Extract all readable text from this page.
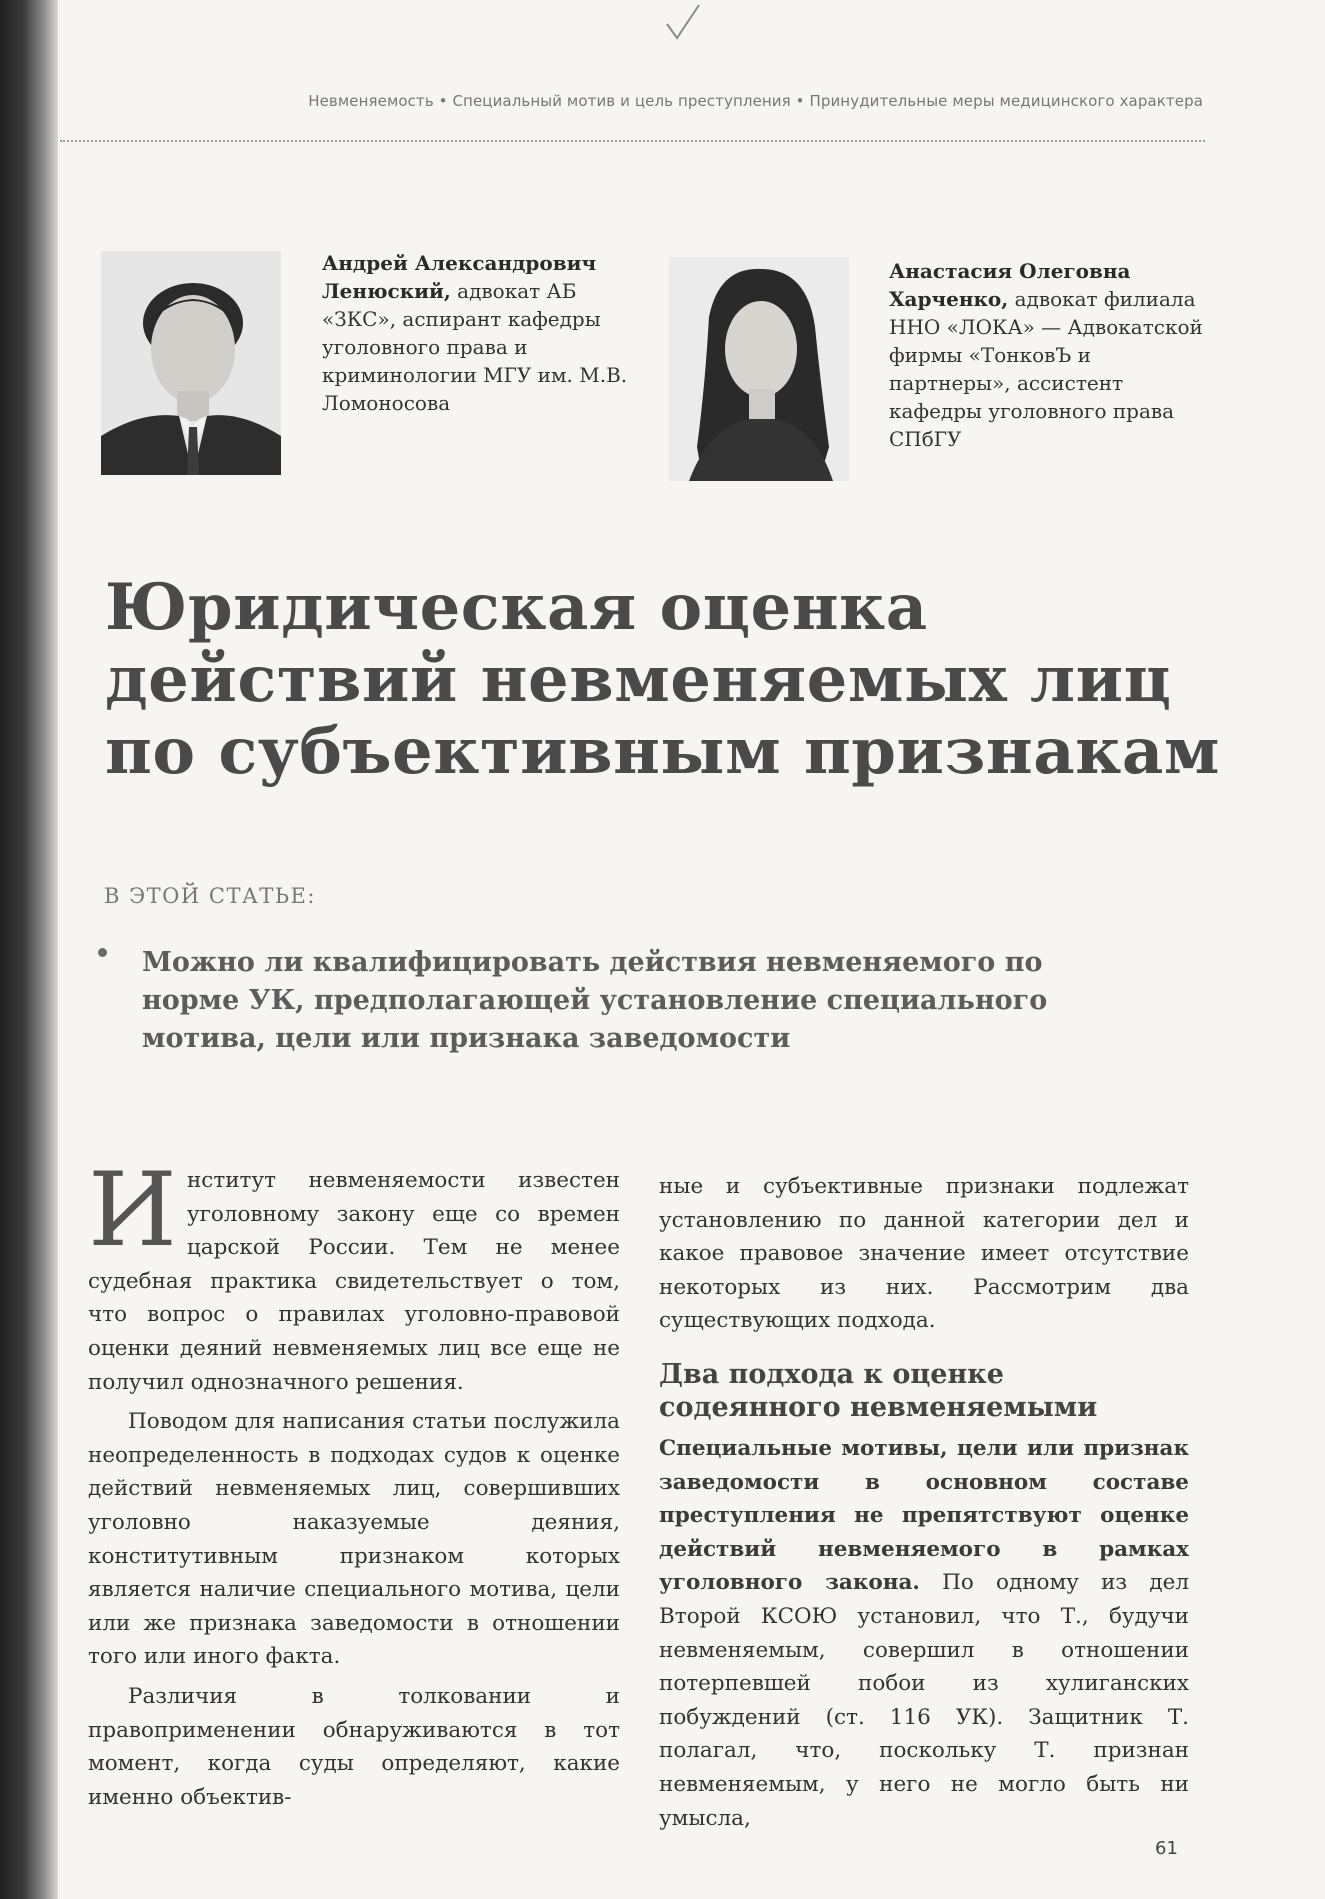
Невменяемость • Специальный мотив и цель преступления • Принудительные меры медицинского характера
Андрей Александрович Ленюский, адвокат АБ «ЗКС», аспирант кафедры уголовного права и криминологии МГУ им. М.В. Ломоносова
Анастасия Олеговна Харченко, адвокат филиала ННО «ЛОКА» — Адвокатской фирмы «ТонковЪ и партнеры», ассистент кафедры уголовного права СПбГУ
Юридическая оценка действий невменяемых лиц по субъективным признакам
В ЭТОЙ СТАТЬЕ:
Можно ли квалифицировать действия невменяемого по норме УК, предполагающей установление специального мотива, цели или признака заведомости

Институт невменяемости известен уголовному закону еще со времен царской России. Тем не менее судебная практика свидетельствует о том, что вопрос о правилах уголовно-правовой оценки деяний невменяемых лиц все еще не получил однозначного решения.

Поводом для написания статьи послужила неопределенность в подходах судов к оценке действий невменяемых лиц, совершивших уголовно наказуемые деяния, конститутивным признаком которых является наличие специального мотива, цели или же признака заведомости в отношении того или иного факта.

Различия в толковании и правоприменении обнаруживаются в тот момент, когда суды определяют, какие именно объектив-

ные и субъективные признаки подлежат установлению по данной категории дел и какое правовое значение имеет отсутствие некоторых из них. Рассмотрим два существующих подхода.

Два подхода к оценке содеянного невменяемыми

Специальные мотивы, цели или признак заведомости в основном составе преступления не препятствуют оценке действий невменяемого в рамках уголовного закона. По одному из дел Второй КСОЮ установил, что Т., будучи невменяемым, совершил в отношении потерпевшей побои из хулиганских побуждений (ст. 116 УК). Защитник Т. полагал, что, поскольку Т. признан невменяемым, у него не могло быть ни умысла,

61
